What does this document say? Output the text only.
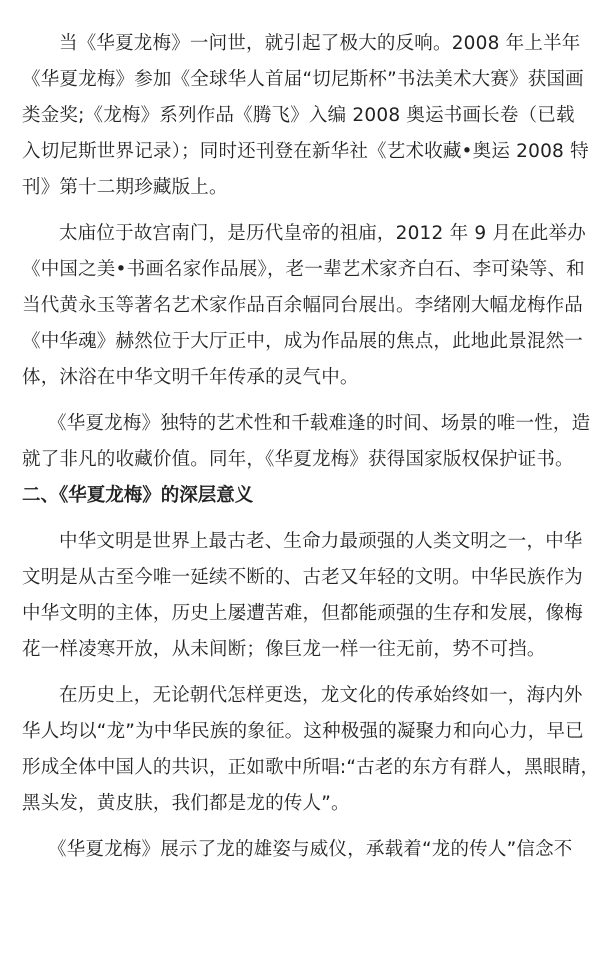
当《华夏龙梅》一问世，就引起了极大的反响。2008 年上半年
《华夏龙梅》参加《全球华人首届“切尼斯杯”书法美术大赛》获国画
类金奖;《龙梅》系列作品《腾飞》入编 2008 奥运书画长卷（已载
入切尼斯世界记录）；同时还刊登在新华社《艺术收藏•奥运 2008 特
刊》第十二期珍藏版上。
太庙位于故宫南门，是历代皇帝的祖庙，2012 年 9 月在此举办
《中国之美•书画名家作品展》，老一辈艺术家齐白石、李可染等、和
当代黄永玉等著名艺术家作品百余幅同台展出。李绪刚大幅龙梅作品
《中华魂》赫然位于大厅正中，成为作品展的焦点，此地此景混然一
体，沐浴在中华文明千年传承的灵气中。
《华夏龙梅》独特的艺术性和千载难逢的时间、场景的唯一性，造
就了非凡的收藏价值。同年，《华夏龙梅》获得国家版权保护证书。
二、《华夏龙梅》的深层意义
中华文明是世界上最古老、生命力最顽强的人类文明之一，中华
文明是从古至今唯一延续不断的、古老又年轻的文明。中华民族作为
中华文明的主体，历史上屡遭苦难，但都能顽强的生存和发展，像梅
花一样凌寒开放，从未间断；像巨龙一样一往无前，势不可挡。
在历史上，无论朝代怎样更迭，龙文化的传承始终如一，海内外
华人均以“龙”为中华民族的象征。这种极强的凝聚力和向心力，早已
形成全体中国人的共识，正如歌中所唱:“古老的东方有群人，黑眼睛，
黑头发，黄皮肤，我们都是龙的传人”。
《华夏龙梅》展示了龙的雄姿与威仪，承载着“龙的传人”信念不
